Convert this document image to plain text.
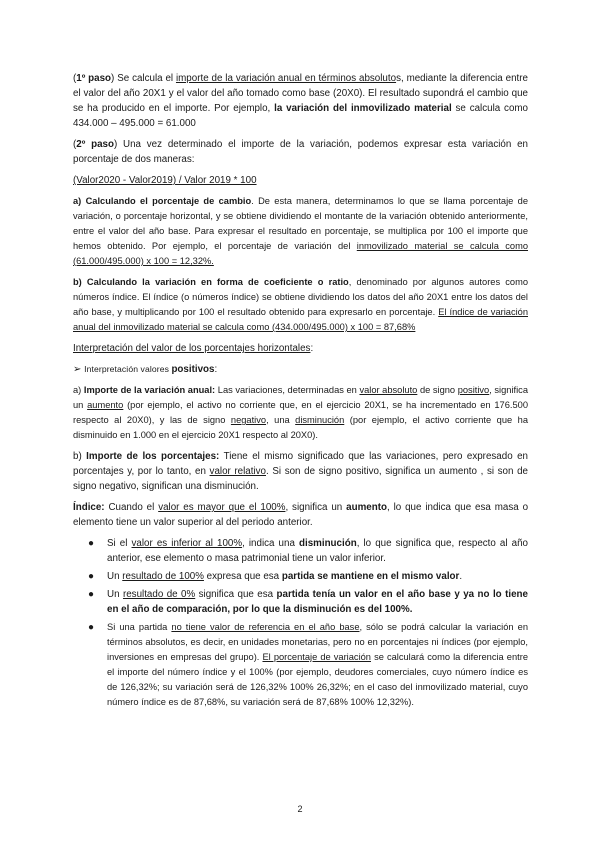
(1º paso) Se calcula el importe de la variación anual en términos absolutos, mediante la diferencia entre el valor del año 20X1 y el valor del año tomado como base (20X0). El resultado supondrá el cambio que se ha producido en el importe. Por ejemplo, la variación del inmovilizado material se calcula como 434.000 – 495.000 = 61.000

(2º paso) Una vez determinado el importe de la variación, podemos expresar esta variación en porcentaje de dos maneras:

(Valor2020 - Valor2019) / Valor 2019 * 100

a) Calculando el porcentaje de cambio. De esta manera, determinamos lo que se llama porcentaje de variación, o porcentaje horizontal, y se obtiene dividiendo el montante de la variación obtenido anteriormente, entre el valor del año base. Para expresar el resultado en porcentaje, se multiplica por 100 el importe que hemos obtenido. Por ejemplo, el porcentaje de variación del inmovilizado material se calcula como (61.000/495.000) x 100 = 12,32%.

b) Calculando la variación en forma de coeficiente o ratio, denominado por algunos autores como números índice. El índice (o números índice) se obtiene dividiendo los datos del año 20X1 entre los datos del año base, y multiplicando por 100 el resultado obtenido para expresarlo en porcentaje. El índice de variación anual del inmovilizado material se calcula como (434.000/495.000) x 100 = 87,68%

Interpretación del valor de los porcentajes horizontales:

➢ Interpretación valores positivos:

a) Importe de la variación anual: Las variaciones, determinadas en valor absoluto de signo positivo, significa un aumento (por ejemplo, el activo no corriente que, en el ejercicio 20X1, se ha incrementado en 176.500 respecto al 20X0), y las de signo negativo, una disminución (por ejemplo, el activo corriente que ha disminuido en 1.000 en el ejercicio 20X1 respecto al 20X0).

b) Importe de los porcentajes: Tiene el mismo significado que las variaciones, pero expresado en porcentajes y, por lo tanto, en valor relativo. Si son de signo positivo, significa un aumento , si son de signo negativo, significan una disminución.

Índice: Cuando el valor es mayor que el 100%, significa un aumento, lo que indica que esa masa o elemento tiene un valor superior al del periodo anterior.

● Si el valor es inferior al 100%, indica una disminución, lo que significa que, respecto al año anterior, ese elemento o masa patrimonial tiene un valor inferior.
● Un resultado de 100% expresa que esa partida se mantiene en el mismo valor.
● Un resultado de 0% significa que esa partida tenía un valor en el año base y ya no lo tiene en el año de comparación, por lo que la disminución es del 100%.
● Si una partida no tiene valor de referencia en el año base, sólo se podrá calcular la variación en términos absolutos, es decir, en unidades monetarias, pero no en porcentajes ni índices (por ejemplo, inversiones en empresas del grupo). El porcentaje de variación se calculará como la diferencia entre el importe del número índice y el 100% (por ejemplo, deudores comerciales, cuyo número índice es de 126,32%; su variación será de 126,32% 100% 26,32%; en el caso del inmovilizado material, cuyo número índice es de 87,68%, su variación será de 87,68% 100% 12,32%).
2
